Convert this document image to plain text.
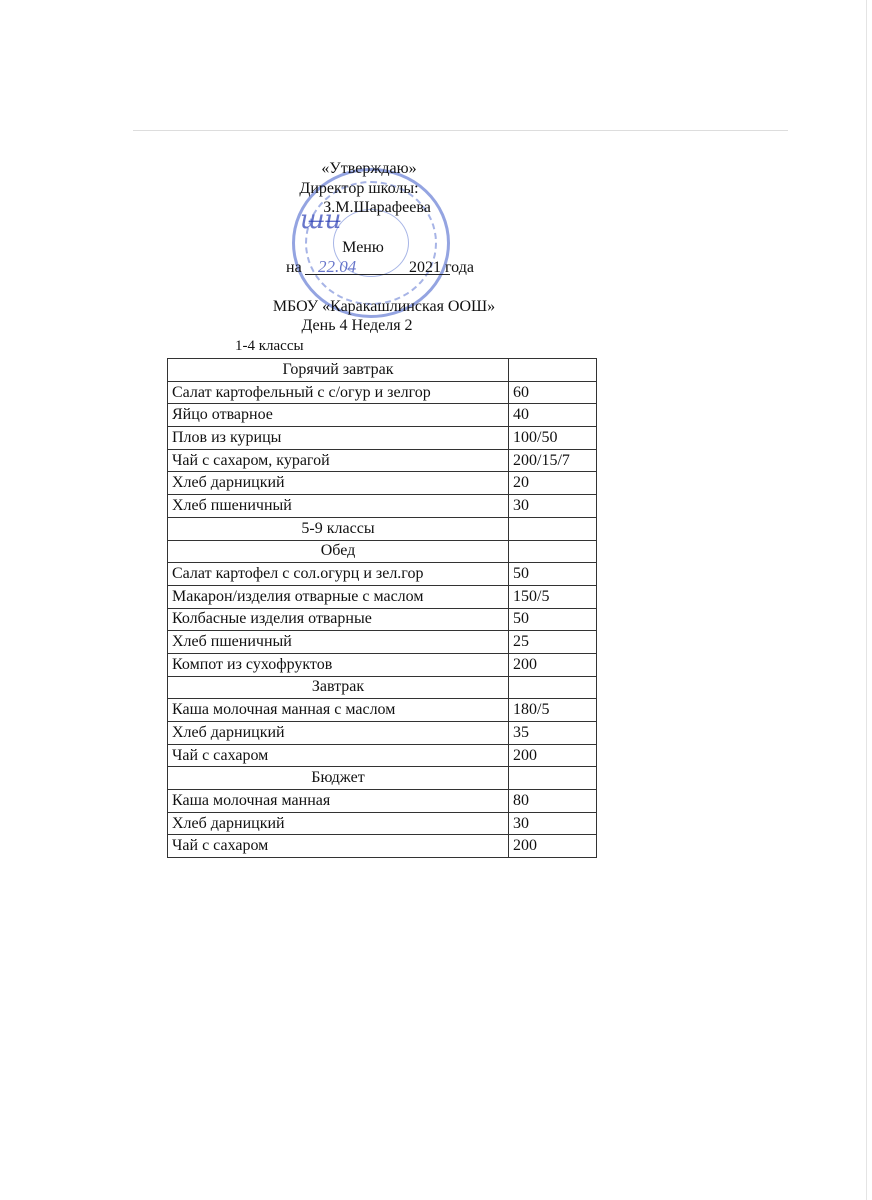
ш̶и̶
«Утверждаю»
Директор школы:
З.М.Шарафеева
Меню
на 22.04	2021 года
МБОУ «Каракашлинская ООШ»
День 4 Неделя 2
1-4 классы
Горячий завтрак	
Салат картофельный с с/огур и зелгор	60
Яйцо отварное	40
Плов из курицы	100/50
Чай с сахаром, курагой	200/15/7
Хлеб дарницкий	20
Хлеб пшеничный	30
5-9 классы	
Обед	
Салат картофел с сол.огурц и зел.гор	50
Макарон/изделия отварные с маслом	150/5
Колбасные изделия отварные	50
Хлеб пшеничный	25
Компот из сухофруктов	200
Завтрак	
Каша молочная манная с маслом	180/5
Хлеб дарницкий	35
Чай с сахаром	200
Бюджет	
Каша молочная манная	80
Хлеб дарницкий	30
Чай с сахаром	200
